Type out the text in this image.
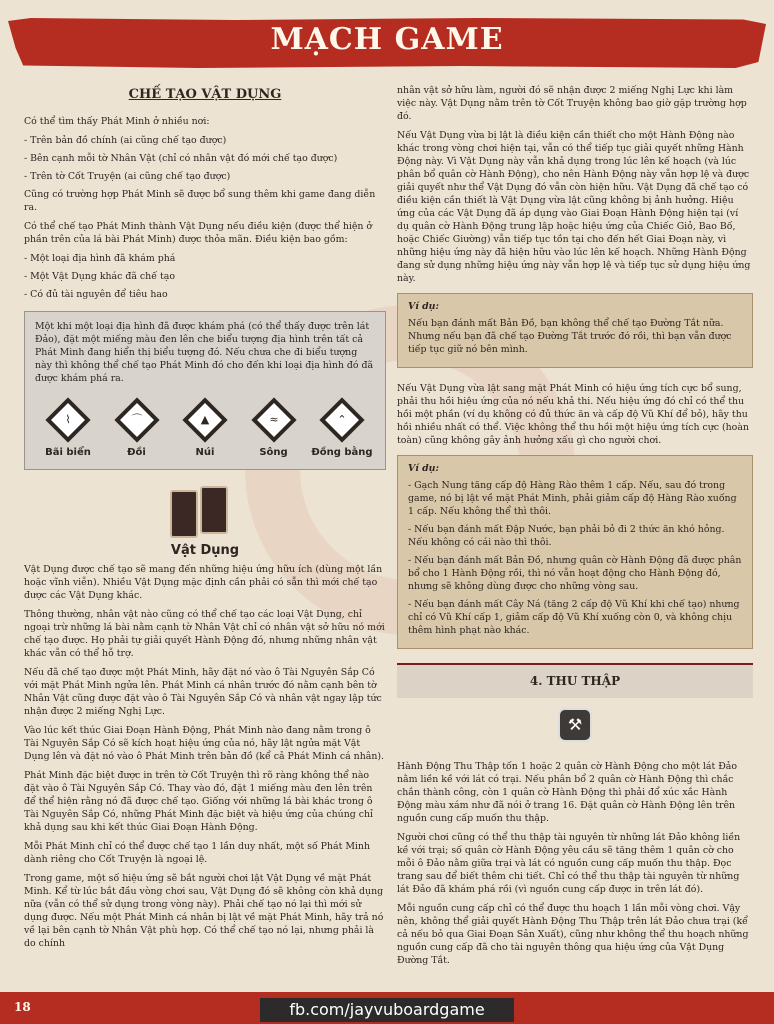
MẠCH GAME
CHẾ TẠO VẬT DỤNG

Có thể tìm thấy Phát Minh ở nhiều nơi:

- Trên bản đồ chính (ai cũng chế tạo được)

- Bên cạnh mỗi tờ Nhân Vật (chỉ có nhân vật đó mới chế tạo được)

- Trên tờ Cốt Truyện (ai cũng chế tạo được)

Cũng có trường hợp Phát Minh sẽ được bổ sung thêm khi game đang diễn ra.

Có thể chế tạo Phát Minh thành Vật Dụng nếu điều kiện (được thể hiện ở phần trên của lá bài Phát Minh) được thỏa mãn. Điều kiện bao gồm:

- Một loại địa hình đã khám phá

- Một Vật Dụng khác đã chế tạo

- Có đủ tài nguyên để tiêu hao

Một khi một loại địa hình đã được khám phá (có thể thấy được trên lát Đảo), đặt một miếng màu đen lên che biểu tượng địa hình trên tất cả Phát Minh đang hiển thị biểu tượng đó. Nếu chưa che đi biểu tượng này thì không thể chế tạo Phát Minh đó cho đến khi loại địa hình đó đã được khám phá ra.

⌇
Bãi biển
⌒
Đồi
▲
Núi
≈
Sông
⌃
Đồng bằng
Vật Dụng

Vật Dụng được chế tạo sẽ mang đến những hiệu ứng hữu ích (dùng một lần hoặc vĩnh viễn). Nhiều Vật Dụng mặc định cần phải có sẵn thì mới chế tạo được các Vật Dụng khác.

Thông thường, nhân vật nào cũng có thể chế tạo các loại Vật Dụng, chỉ ngoại trừ những lá bài nằm cạnh tờ Nhân Vật chỉ có nhân vật sở hữu nó mới chế tạo được. Họ phải tự giải quyết Hành Động đó, nhưng những nhân vật khác vẫn có thể hỗ trợ.

Nếu đã chế tạo được một Phát Minh, hãy đặt nó vào ô Tài Nguyên Sắp Có với mặt Phát Minh ngửa lên. Phát Minh cá nhân trước đó nằm cạnh bên tờ Nhân Vật cũng được đặt vào ô Tài Nguyên Sắp Có và nhân vật ngay lập tức nhận được 2 miếng Nghị Lực.

Vào lúc kết thúc Giai Đoạn Hành Động, Phát Minh nào đang nằm trong ô Tài Nguyên Sắp Có sẽ kích hoạt hiệu ứng của nó, hãy lật ngửa mặt Vật Dụng lên và đặt nó vào ô Phát Minh trên bản đồ (kể cả Phát Minh cá nhân).

Phát Minh đặc biệt được in trên tờ Cốt Truyện thì rõ ràng không thể nào đặt vào ô Tài Nguyên Sắp Có. Thay vào đó, đặt 1 miếng màu đen lên trên để thể hiện rằng nó đã được chế tạo. Giống với những lá bài khác trong ô Tài Nguyên Sắp Có, những Phát Minh đặc biệt và hiệu ứng của chúng chỉ khả dụng sau khi kết thúc Giai Đoạn Hành Động.

Mỗi Phát Minh chỉ có thể được chế tạo 1 lần duy nhất, một số Phát Minh dành riêng cho Cốt Truyện là ngoại lệ.

Trong game, một số hiệu ứng sẽ bắt người chơi lật Vật Dụng về mặt Phát Minh. Kể từ lúc bắt đầu vòng chơi sau, Vật Dụng đó sẽ không còn khả dụng nữa (vẫn có thể sử dụng trong vòng này). Phải chế tạo nó lại thì mới sử dụng được. Nếu một Phát Minh cá nhân bị lật về mặt Phát Minh, hãy trả nó về lại bên cạnh tờ Nhân Vật phù hợp. Có thể chế tạo nó lại, nhưng phải là do chính

nhân vật sở hữu làm, người đó sẽ nhận được 2 miếng Nghị Lực khi làm việc này. Vật Dụng nằm trên tờ Cốt Truyện không bao giờ gặp trường hợp đó.

Nếu Vật Dụng vừa bị lật là điều kiện cần thiết cho một Hành Động nào khác trong vòng chơi hiện tại, vẫn có thể tiếp tục giải quyết những Hành Động này. Vì Vật Dụng này vẫn khả dụng trong lúc lên kế hoạch (và lúc phân bổ quân cờ Hành Động), cho nên Hành Động này vẫn hợp lệ và được giải quyết như thể Vật Dụng đó vẫn còn hiện hữu. Vật Dụng đã chế tạo có điều kiện cần thiết là Vật Dụng vừa lật cũng không bị ảnh hưởng. Hiệu ứng của các Vật Dụng đã áp dụng vào Giai Đoạn Hành Động hiện tại (ví dụ quân cờ Hành Động trung lập hoặc hiệu ứng của Chiếc Giỏ, Bao Bố, hoặc Chiếc Giường) vẫn tiếp tục tồn tại cho đến hết Giai Đoạn này, vì những hiệu ứng này đã hiện hữu vào lúc lên kế hoạch. Những Hành Động đang sử dụng những hiệu ứng này vẫn hợp lệ và tiếp tục sử dụng hiệu ứng này.

Ví dụ:

Nếu bạn đánh mất Bản Đồ, bạn không thể chế tạo Đường Tắt nữa. Nhưng nếu bạn đã chế tạo Đường Tắt trước đó rồi, thì bạn vẫn được tiếp tục giữ nó bên mình.

Nếu Vật Dụng vừa lật sang mặt Phát Minh có hiệu ứng tích cực bổ sung, phải thu hồi hiệu ứng của nó nếu khả thi. Nếu hiệu ứng đó chỉ có thể thu hồi một phần (ví dụ không có đủ thức ăn và cấp độ Vũ Khí để bỏ), hãy thu hồi nhiều nhất có thể. Việc không thể thu hồi một hiệu ứng tích cực (hoàn toàn) cũng không gây ảnh hưởng xấu gì cho người chơi.

Ví dụ:

- Gạch Nung tăng cấp độ Hàng Rào thêm 1 cấp. Nếu, sau đó trong game, nó bị lật về mặt Phát Minh, phải giảm cấp độ Hàng Rào xuống 1 cấp. Nếu không thể thì thôi.

- Nếu bạn đánh mất Đập Nước, bạn phải bỏ đi 2 thức ăn khó hỏng. Nếu không có cái nào thì thôi.

- Nếu bạn đánh mất Bản Đồ, nhưng quân cờ Hành Động đã được phân bổ cho 1 Hành Động rồi, thì nó vẫn hoạt động cho Hành Động đó, nhưng sẽ không dùng được cho những vòng sau.

- Nếu bạn đánh mất Cây Ná (tăng 2 cấp độ Vũ Khí khi chế tạo) nhưng chỉ có Vũ Khí cấp 1, giảm cấp độ Vũ Khí xuống còn 0, và không chịu thêm hình phạt nào khác.

4. THU THẬP
⚒

Hành Động Thu Thập tốn 1 hoặc 2 quân cờ Hành Động cho một lát Đảo nằm liền kề với lát có trại. Nếu phân bổ 2 quân cờ Hành Động thì chắc chắn thành công, còn 1 quân cờ Hành Động thì phải đổ xúc xắc Hành Động màu xám như đã nói ở trang 16. Đặt quân cờ Hành Động lên trên nguồn cung cấp muốn thu thập.

Người chơi cũng có thể thu thập tài nguyên từ những lát Đảo không liền kề với trại; số quân cờ Hành Động yêu cầu sẽ tăng thêm 1 quân cờ cho mỗi ô Đảo nằm giữa trại và lát có nguồn cung cấp muốn thu thập. Đọc trang sau để biết thêm chi tiết. Chỉ có thể thu thập tài nguyên từ những lát Đảo đã khám phá rồi (vì nguồn cung cấp được in trên lát đó).

Mỗi nguồn cung cấp chỉ có thể được thu hoạch 1 lần mỗi vòng chơi. Vậy nên, không thể giải quyết Hành Động Thu Thập trên lát Đảo chưa trại (kể cả nếu bỏ qua Giai Đoạn Sản Xuất), cũng như không thể thu hoạch những nguồn cung cấp đã cho tài nguyên thông qua hiệu ứng của Vật Dụng Đường Tắt.

18	fb.com/jayvuboardgame
